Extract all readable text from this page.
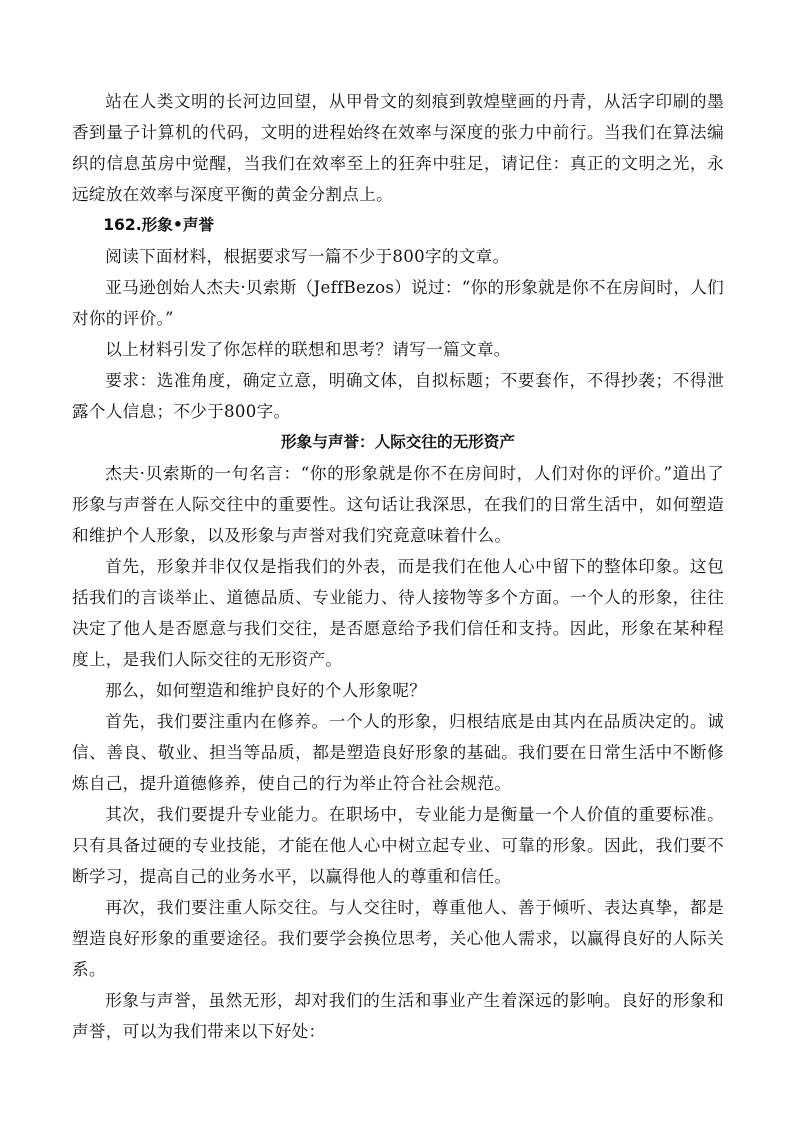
站在人类文明的长河边回望，从甲骨文的刻痕到敦煌壁画的丹青，从活字印刷的墨香到量子计算机的代码，文明的进程始终在效率与深度的张力中前行。当我们在算法编织的信息茧房中觉醒，当我们在效率至上的狂奔中驻足，请记住：真正的文明之光，永远绽放在效率与深度平衡的黄金分割点上。

162.形象•声誉

阅读下面材料，根据要求写一篇不少于800字的文章。

亚马逊创始人杰夫·贝索斯（JeffBezos）说过：“你的形象就是你不在房间时，人们对你的评价。”

以上材料引发了你怎样的联想和思考？请写一篇文章。

要求：选准角度，确定立意，明确文体，自拟标题；不要套作，不得抄袭；不得泄露个人信息；不少于800字。

形象与声誉：人际交往的无形资产

杰夫·贝索斯的一句名言：“你的形象就是你不在房间时，人们对你的评价。”道出了形象与声誉在人际交往中的重要性。这句话让我深思，在我们的日常生活中，如何塑造和维护个人形象，以及形象与声誉对我们究竟意味着什么。

首先，形象并非仅仅是指我们的外表，而是我们在他人心中留下的整体印象。这包括我们的言谈举止、道德品质、专业能力、待人接物等多个方面。一个人的形象，往往决定了他人是否愿意与我们交往，是否愿意给予我们信任和支持。因此，形象在某种程度上，是我们人际交往的无形资产。

那么，如何塑造和维护良好的个人形象呢？

首先，我们要注重内在修养。一个人的形象，归根结底是由其内在品质决定的。诚信、善良、敬业、担当等品质，都是塑造良好形象的基础。我们要在日常生活中不断修炼自己，提升道德修养，使自己的行为举止符合社会规范。

其次，我们要提升专业能力。在职场中，专业能力是衡量一个人价值的重要标准。只有具备过硬的专业技能，才能在他人心中树立起专业、可靠的形象。因此，我们要不断学习，提高自己的业务水平，以赢得他人的尊重和信任。

再次，我们要注重人际交往。与人交往时，尊重他人、善于倾听、表达真挚，都是塑造良好形象的重要途径。我们要学会换位思考，关心他人需求，以赢得良好的人际关系。

形象与声誉，虽然无形，却对我们的生活和事业产生着深远的影响。良好的形象和声誉，可以为我们带来以下好处：
